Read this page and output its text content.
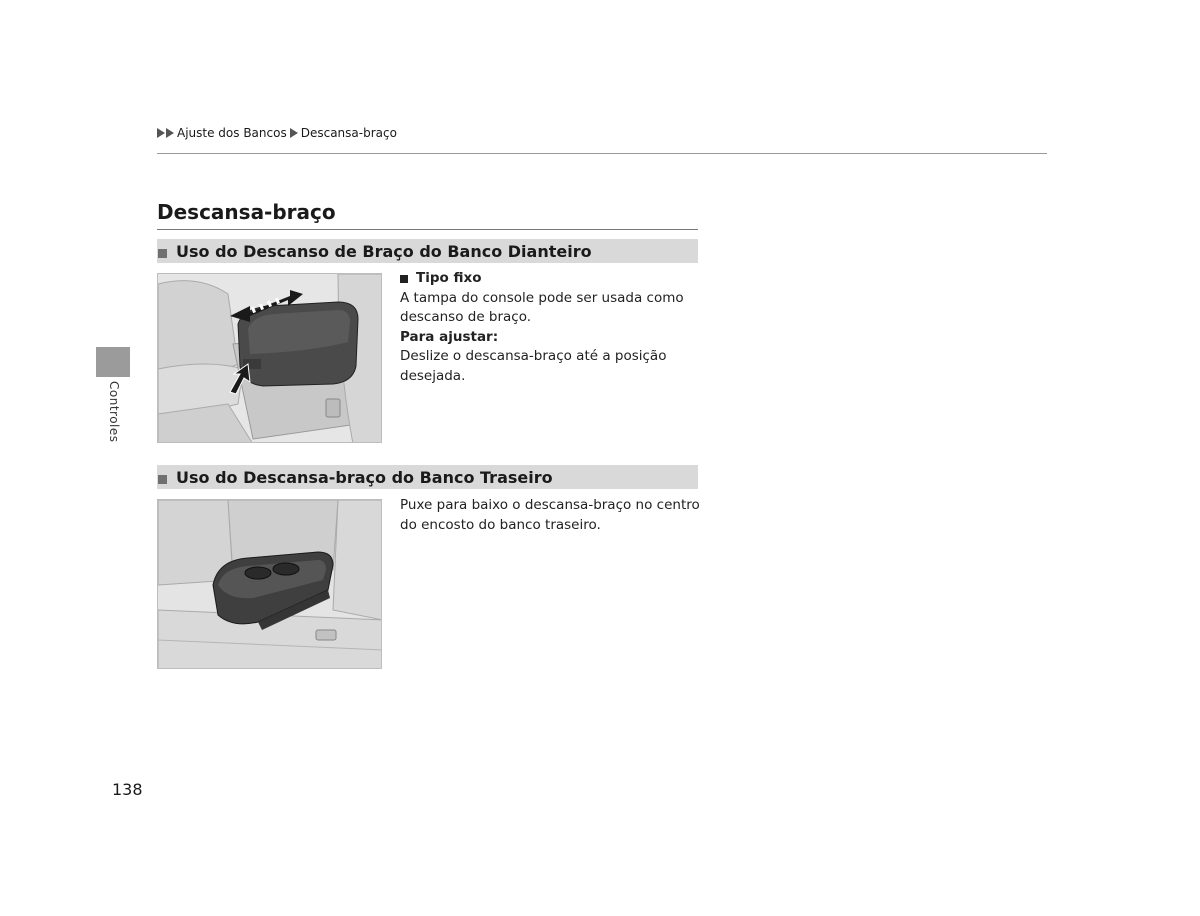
Ajuste dos Bancos Descansa-braço
Controles
Descansa-braço
Uso do Descanso de Braço do Banco Dianteiro
Tipo fixo

A tampa do console pode ser usada como descanso de braço.

Para ajustar:

Deslize o descansa-braço até a posição desejada.

Uso do Descansa-braço do Banco Traseiro

Puxe para baixo o descansa-braço no centro do encosto do banco traseiro.

138
